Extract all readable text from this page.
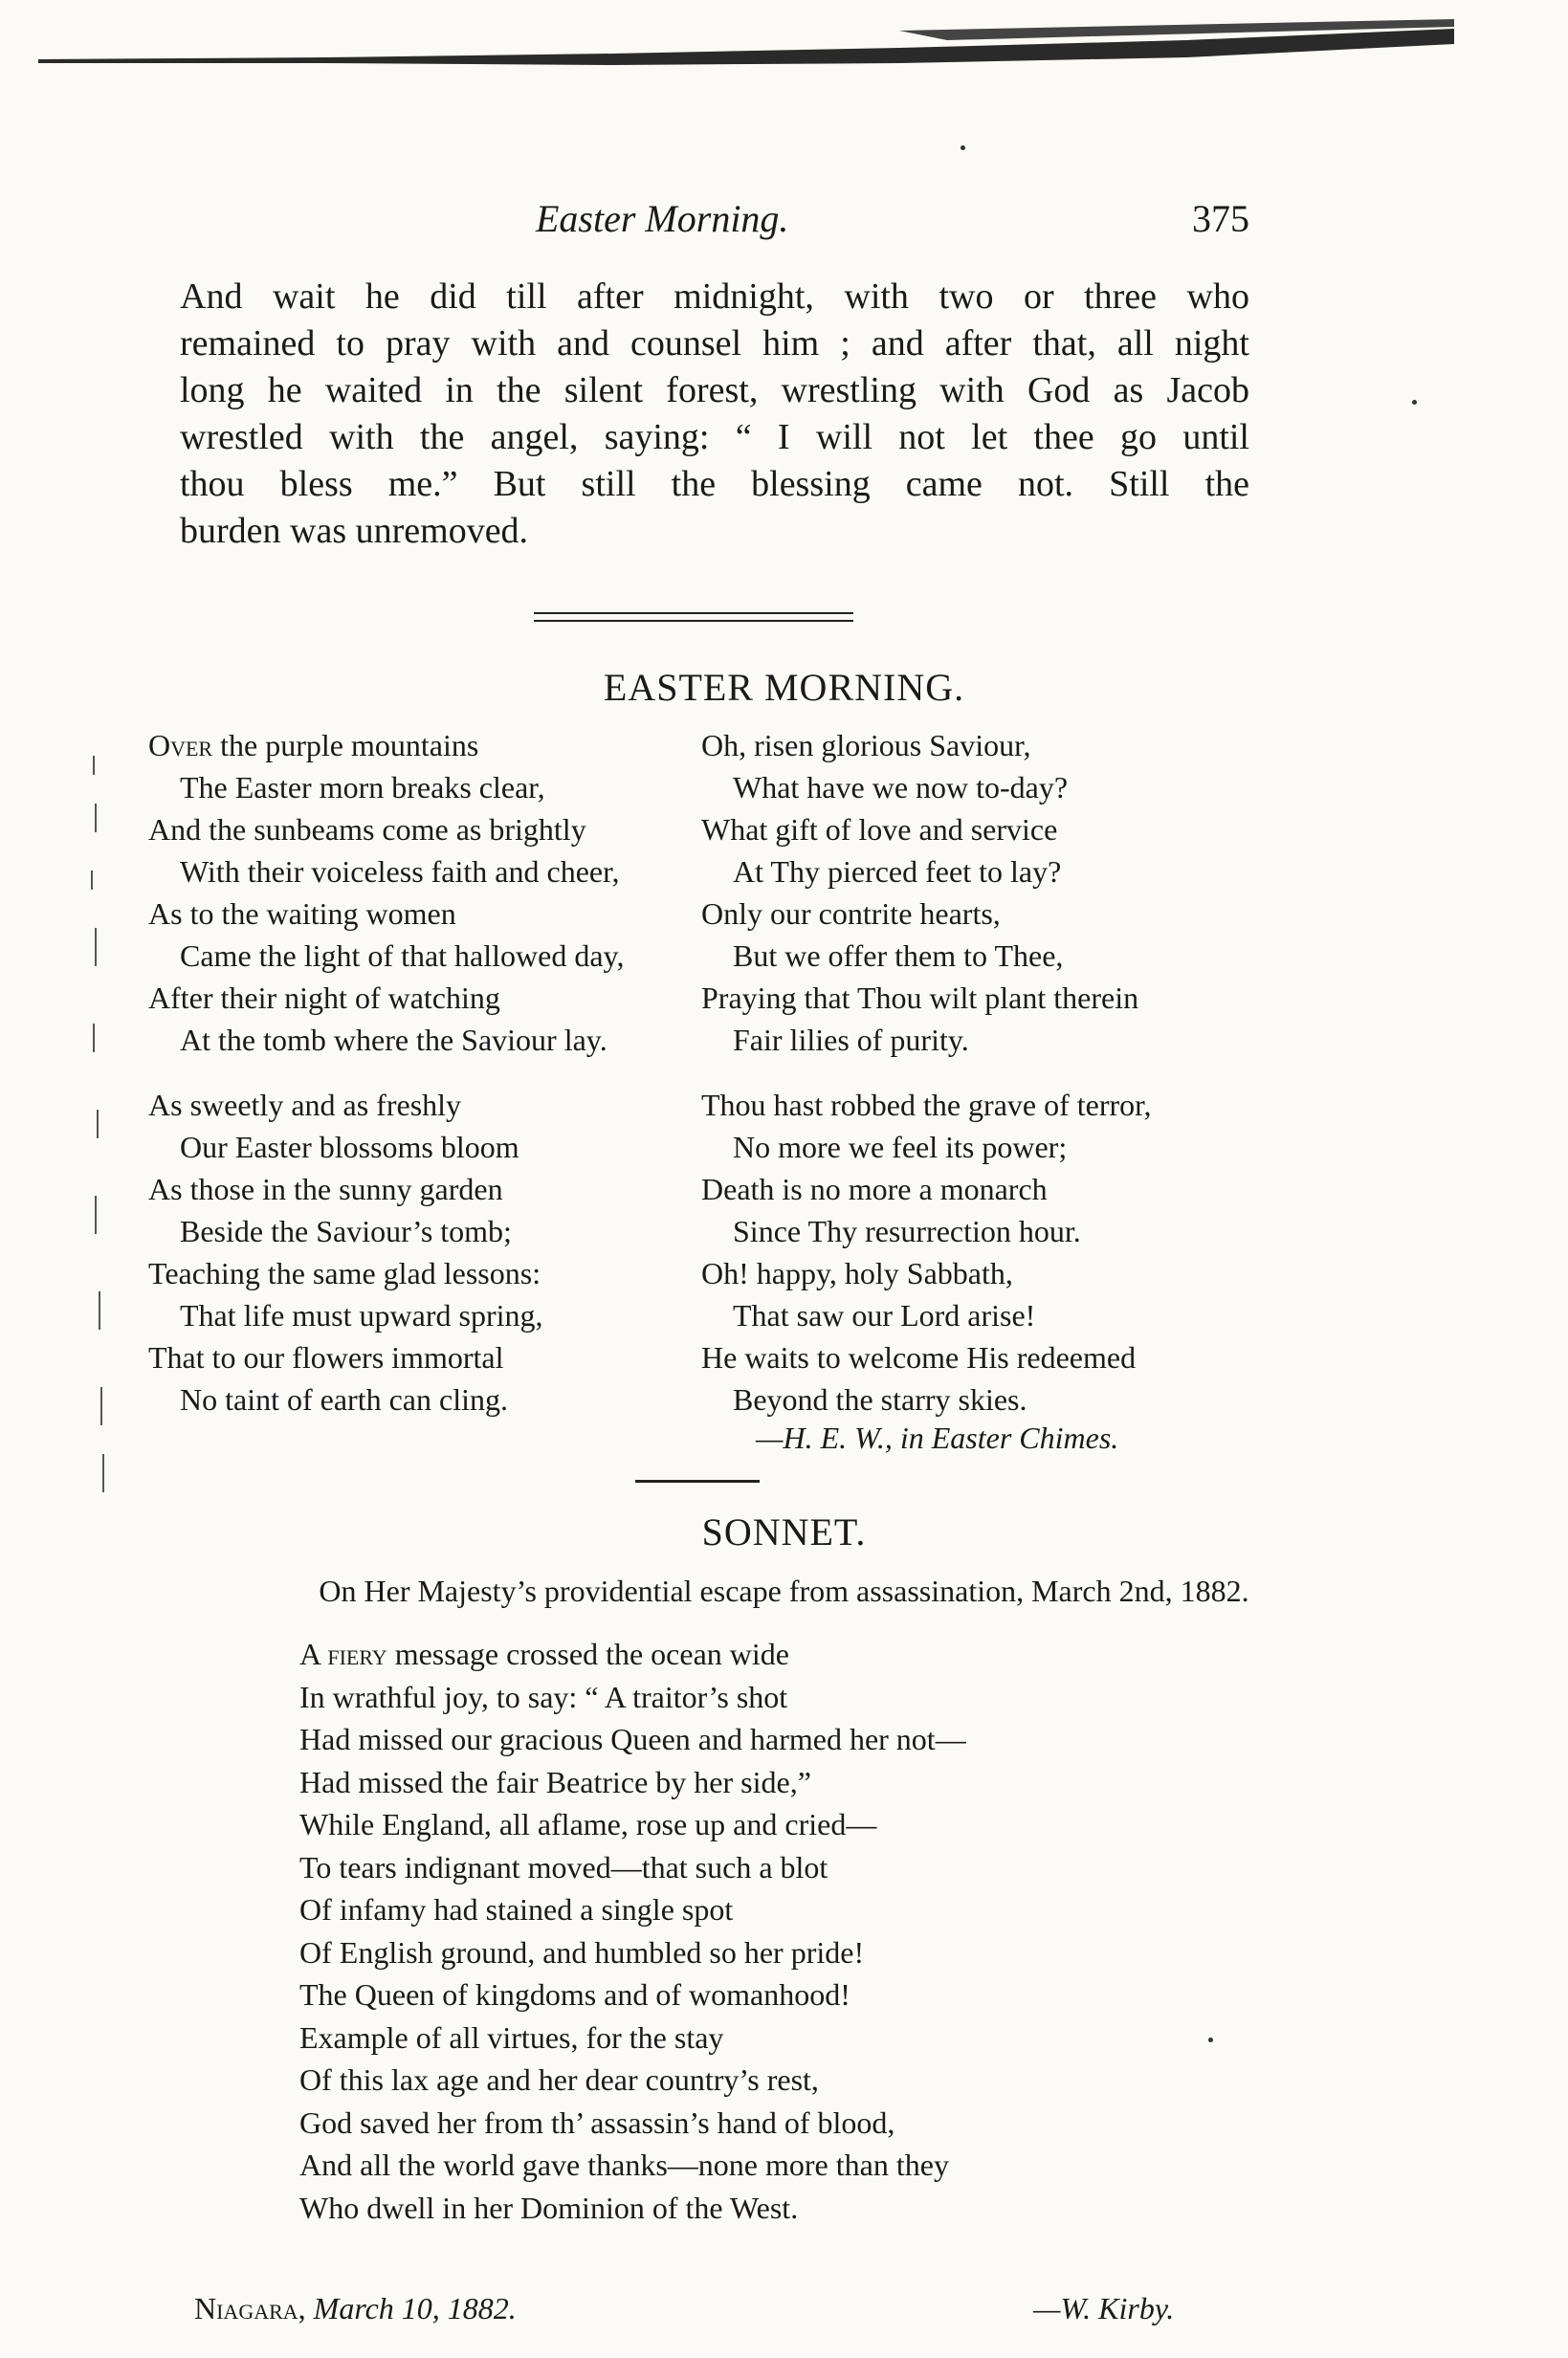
Easter Morning.	375
And wait he did till after midnight, with two or three who
remained to pray with and counsel him ; and after that, all night
long he waited in the silent forest, wrestling with God as Jacob
wrestled with the angel, saying: “ I will not let thee go until
thou bless me.” But still the blessing came not. Still the
burden was unremoved.
EASTER MORNING.
Over the purple mountains
The Easter morn breaks clear,
And the sunbeams come as brightly
With their voiceless faith and cheer,
As to the waiting women
Came the light of that hallowed day,
After their night of watching
At the tomb where the Saviour lay.
Oh, risen glorious Saviour,
What have we now to-day?
What gift of love and service
At Thy pierced feet to lay?
Only our contrite hearts,
But we offer them to Thee,
Praying that Thou wilt plant therein
Fair lilies of purity.
As sweetly and as freshly
Our Easter blossoms bloom
As those in the sunny garden
Beside the Saviour’s tomb;
Teaching the same glad lessons:
That life must upward spring,
That to our flowers immortal
No taint of earth can cling.
Thou hast robbed the grave of terror,
No more we feel its power;
Death is no more a monarch
Since Thy resurrection hour.
Oh! happy, holy Sabbath,
That saw our Lord arise!
He waits to welcome His redeemed
Beyond the starry skies.
—H. E. W., in Easter Chimes.
SONNET.
On Her Majesty’s providential escape from assassination, March 2nd, 1882.
A fiery message crossed the ocean wide
In wrathful joy, to say: “ A traitor’s shot
Had missed our gracious Queen and harmed her not—
Had missed the fair Beatrice by her side,”
While England, all aflame, rose up and cried—
To tears indignant moved—that such a blot
Of infamy had stained a single spot
Of English ground, and humbled so her pride!
The Queen of kingdoms and of womanhood!
Example of all virtues, for the stay
Of this lax age and her dear country’s rest,
God saved her from th’ assassin’s hand of blood,
And all the world gave thanks—none more than they
Who dwell in her Dominion of the West.
Niagara, March 10, 1882.	—W. Kirby.
